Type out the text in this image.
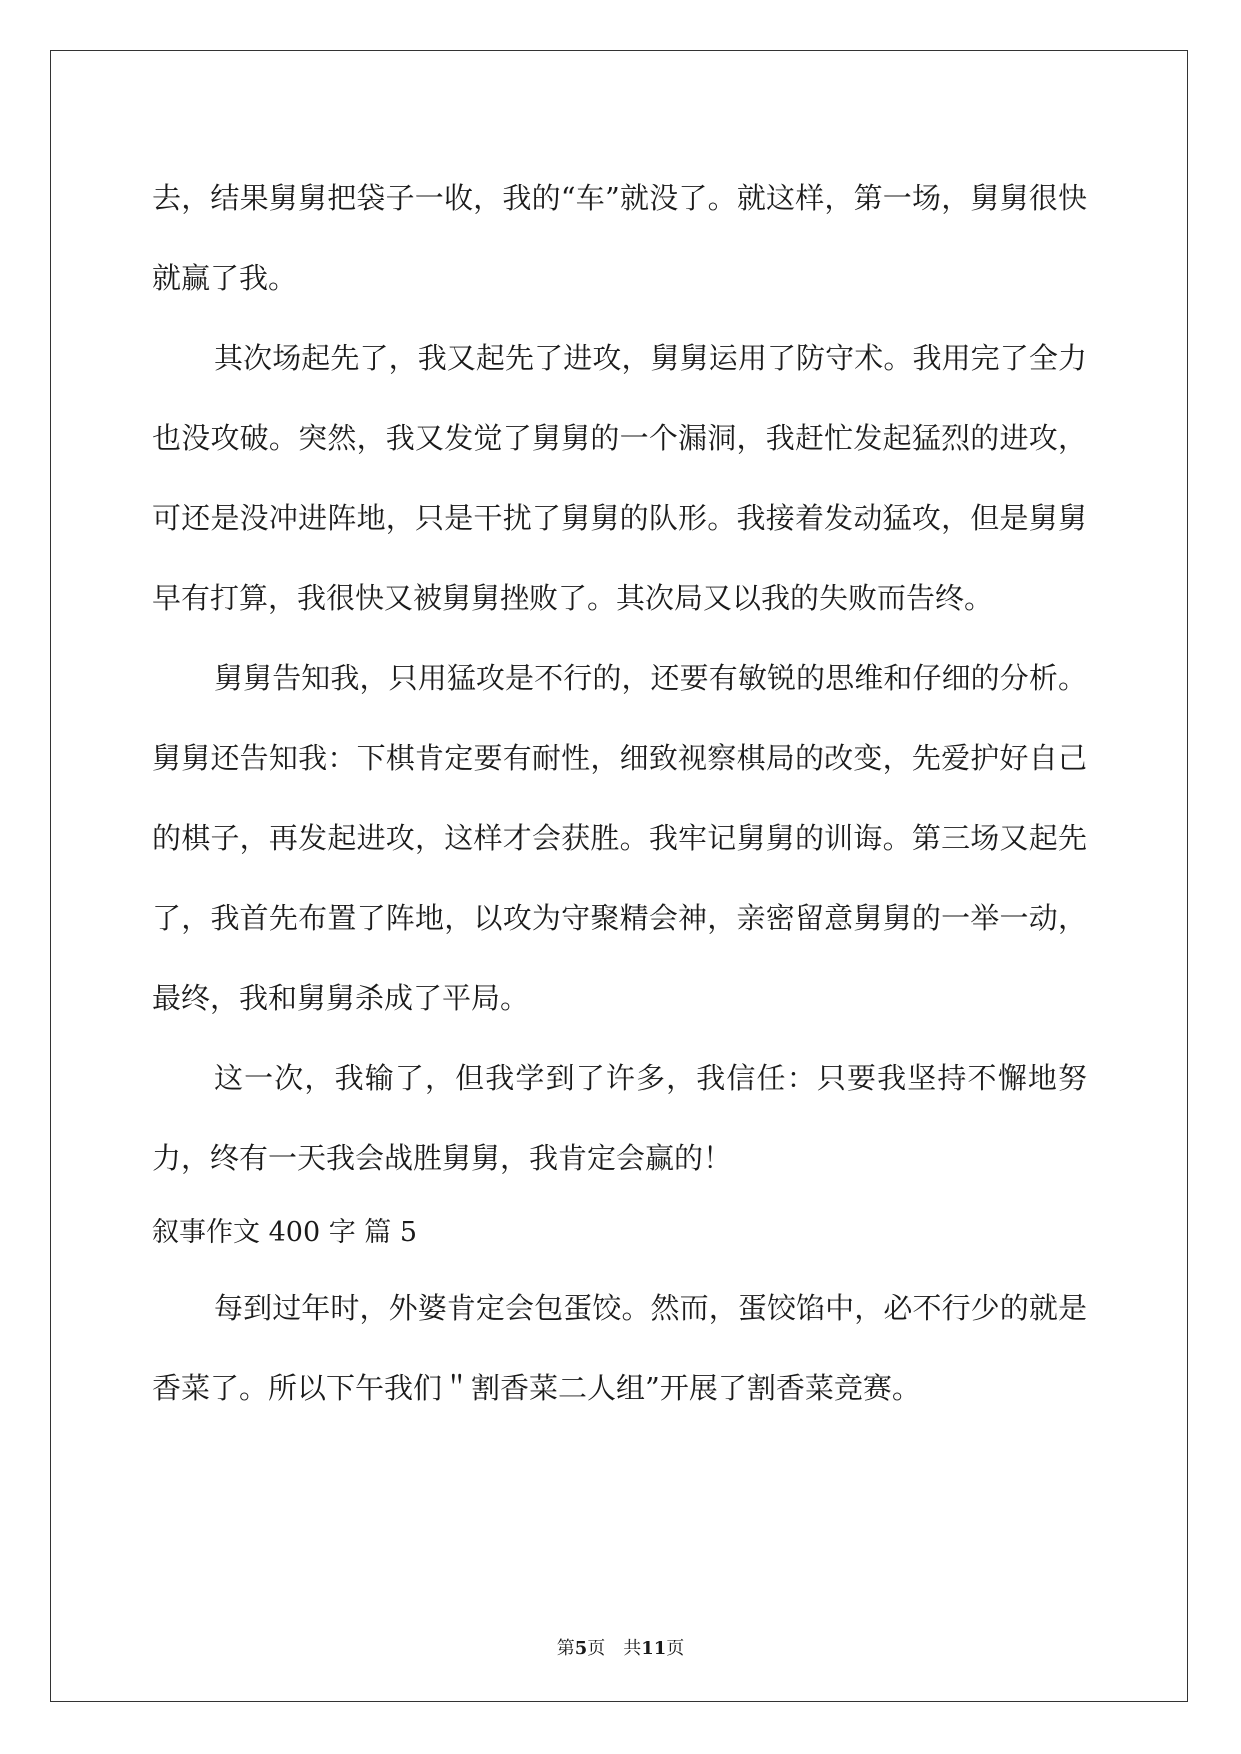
去，结果舅舅把袋子一收，我的“车”就没了。就这样，第一场，舅舅很快就赢了我。

其次场起先了，我又起先了进攻，舅舅运用了防守术。我用完了全力也没攻破。突然，我又发觉了舅舅的一个漏洞，我赶忙发起猛烈的进攻，可还是没冲进阵地，只是干扰了舅舅的队形。我接着发动猛攻，但是舅舅早有打算，我很快又被舅舅挫败了。其次局又以我的失败而告终。

舅舅告知我，只用猛攻是不行的，还要有敏锐的思维和仔细的分析。舅舅还告知我：下棋肯定要有耐性，细致视察棋局的改变，先爱护好自己的棋子，再发起进攻，这样才会获胜。我牢记舅舅的训诲。第三场又起先了，我首先布置了阵地，以攻为守聚精会神，亲密留意舅舅的一举一动，最终，我和舅舅杀成了平局。

这一次，我输了，但我学到了许多，我信任：只要我坚持不懈地努力，终有一天我会战胜舅舅，我肯定会赢的！

叙事作文 400 字 篇 5

每到过年时，外婆肯定会包蛋饺。然而，蛋饺馅中，必不行少的就是香菜了。所以下午我们＂割香菜二人组”开展了割香菜竞赛。

第5页　共11页
